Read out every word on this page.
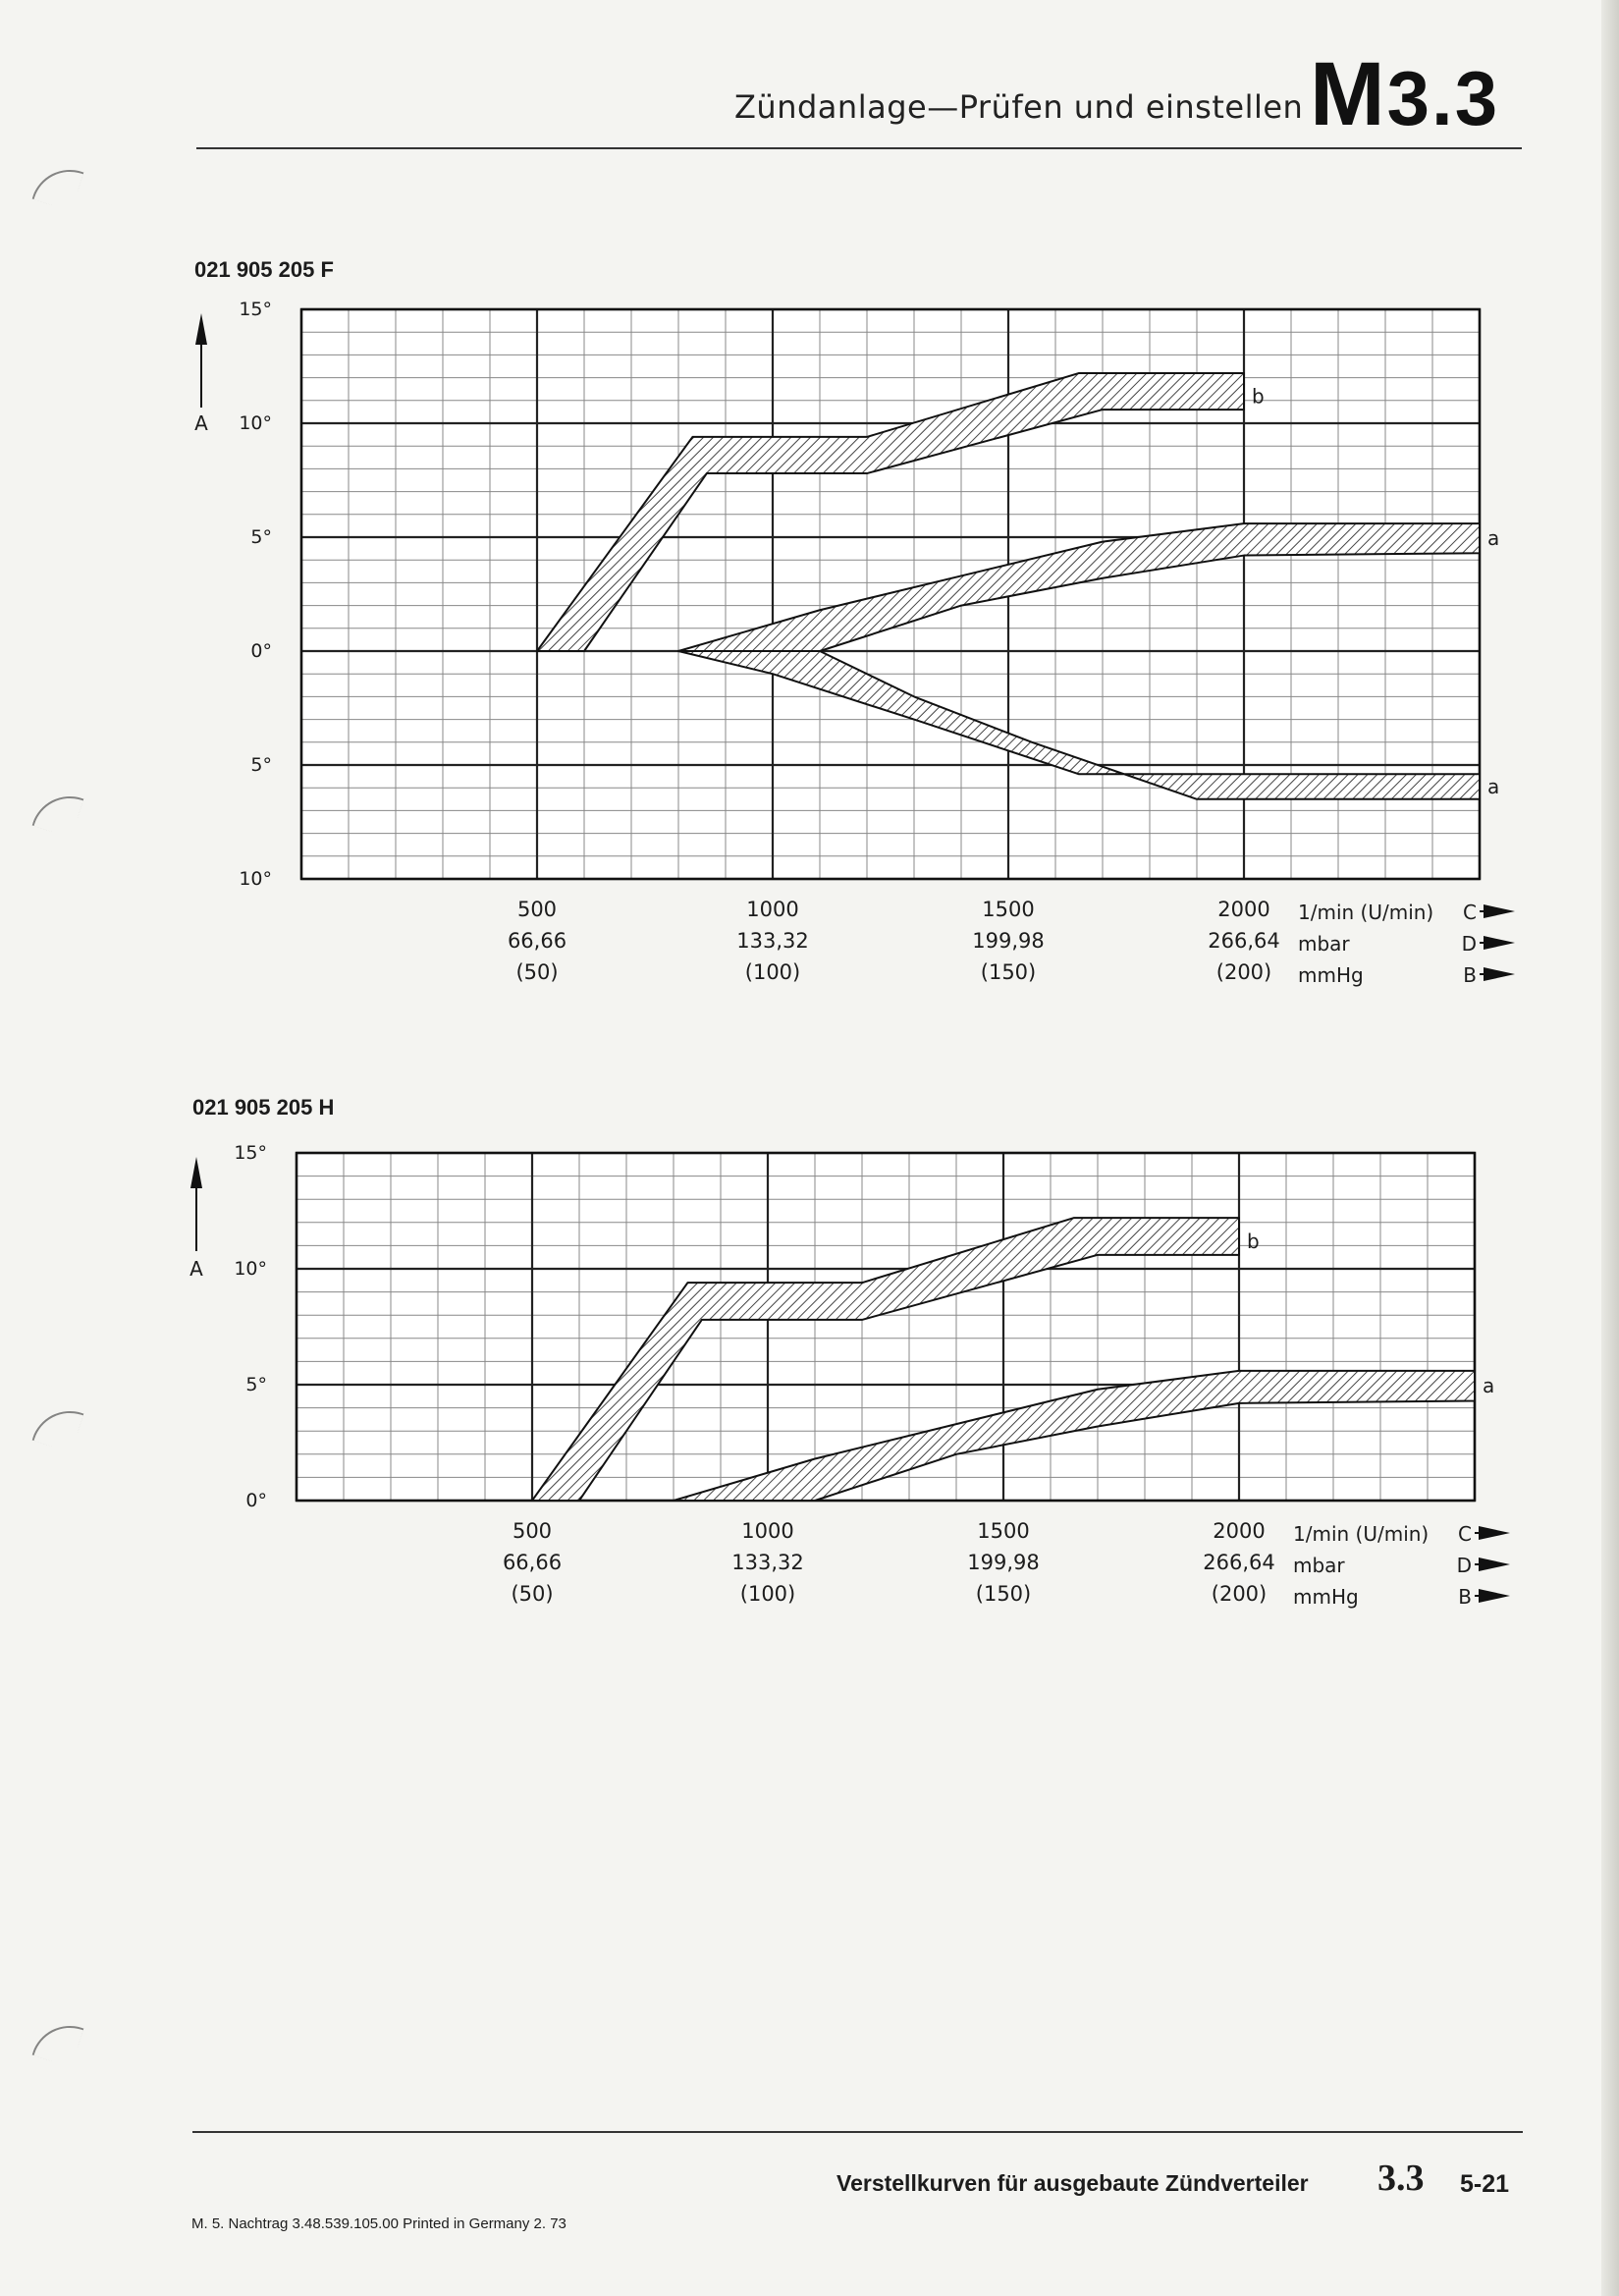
Zündanlage—Prüfen und einstellen M3.3
021 905 205 F
b
a
a
15°
10°
5°
0°
5°
10°
A
500	1000	1500	2000 1/min (U/min) C
66,66	133,32	199,98	266,64 mbar	D
(50)	(100)	(150)	(200) mmHg	B
021 905 205 H
b
a
15°
10°
5°
0°
A
500	1000	1500	2000 1/min (U/min) C
66,66	133,32	199,98	266,64 mbar	D
(50)	(100)	(150)	(200) mmHg	B
Verstellkurven für ausgebaute Zündverteiler 3.3 5-21
M. 5. Nachtrag 3.48.539.105.00 Printed in Germany 2. 73
